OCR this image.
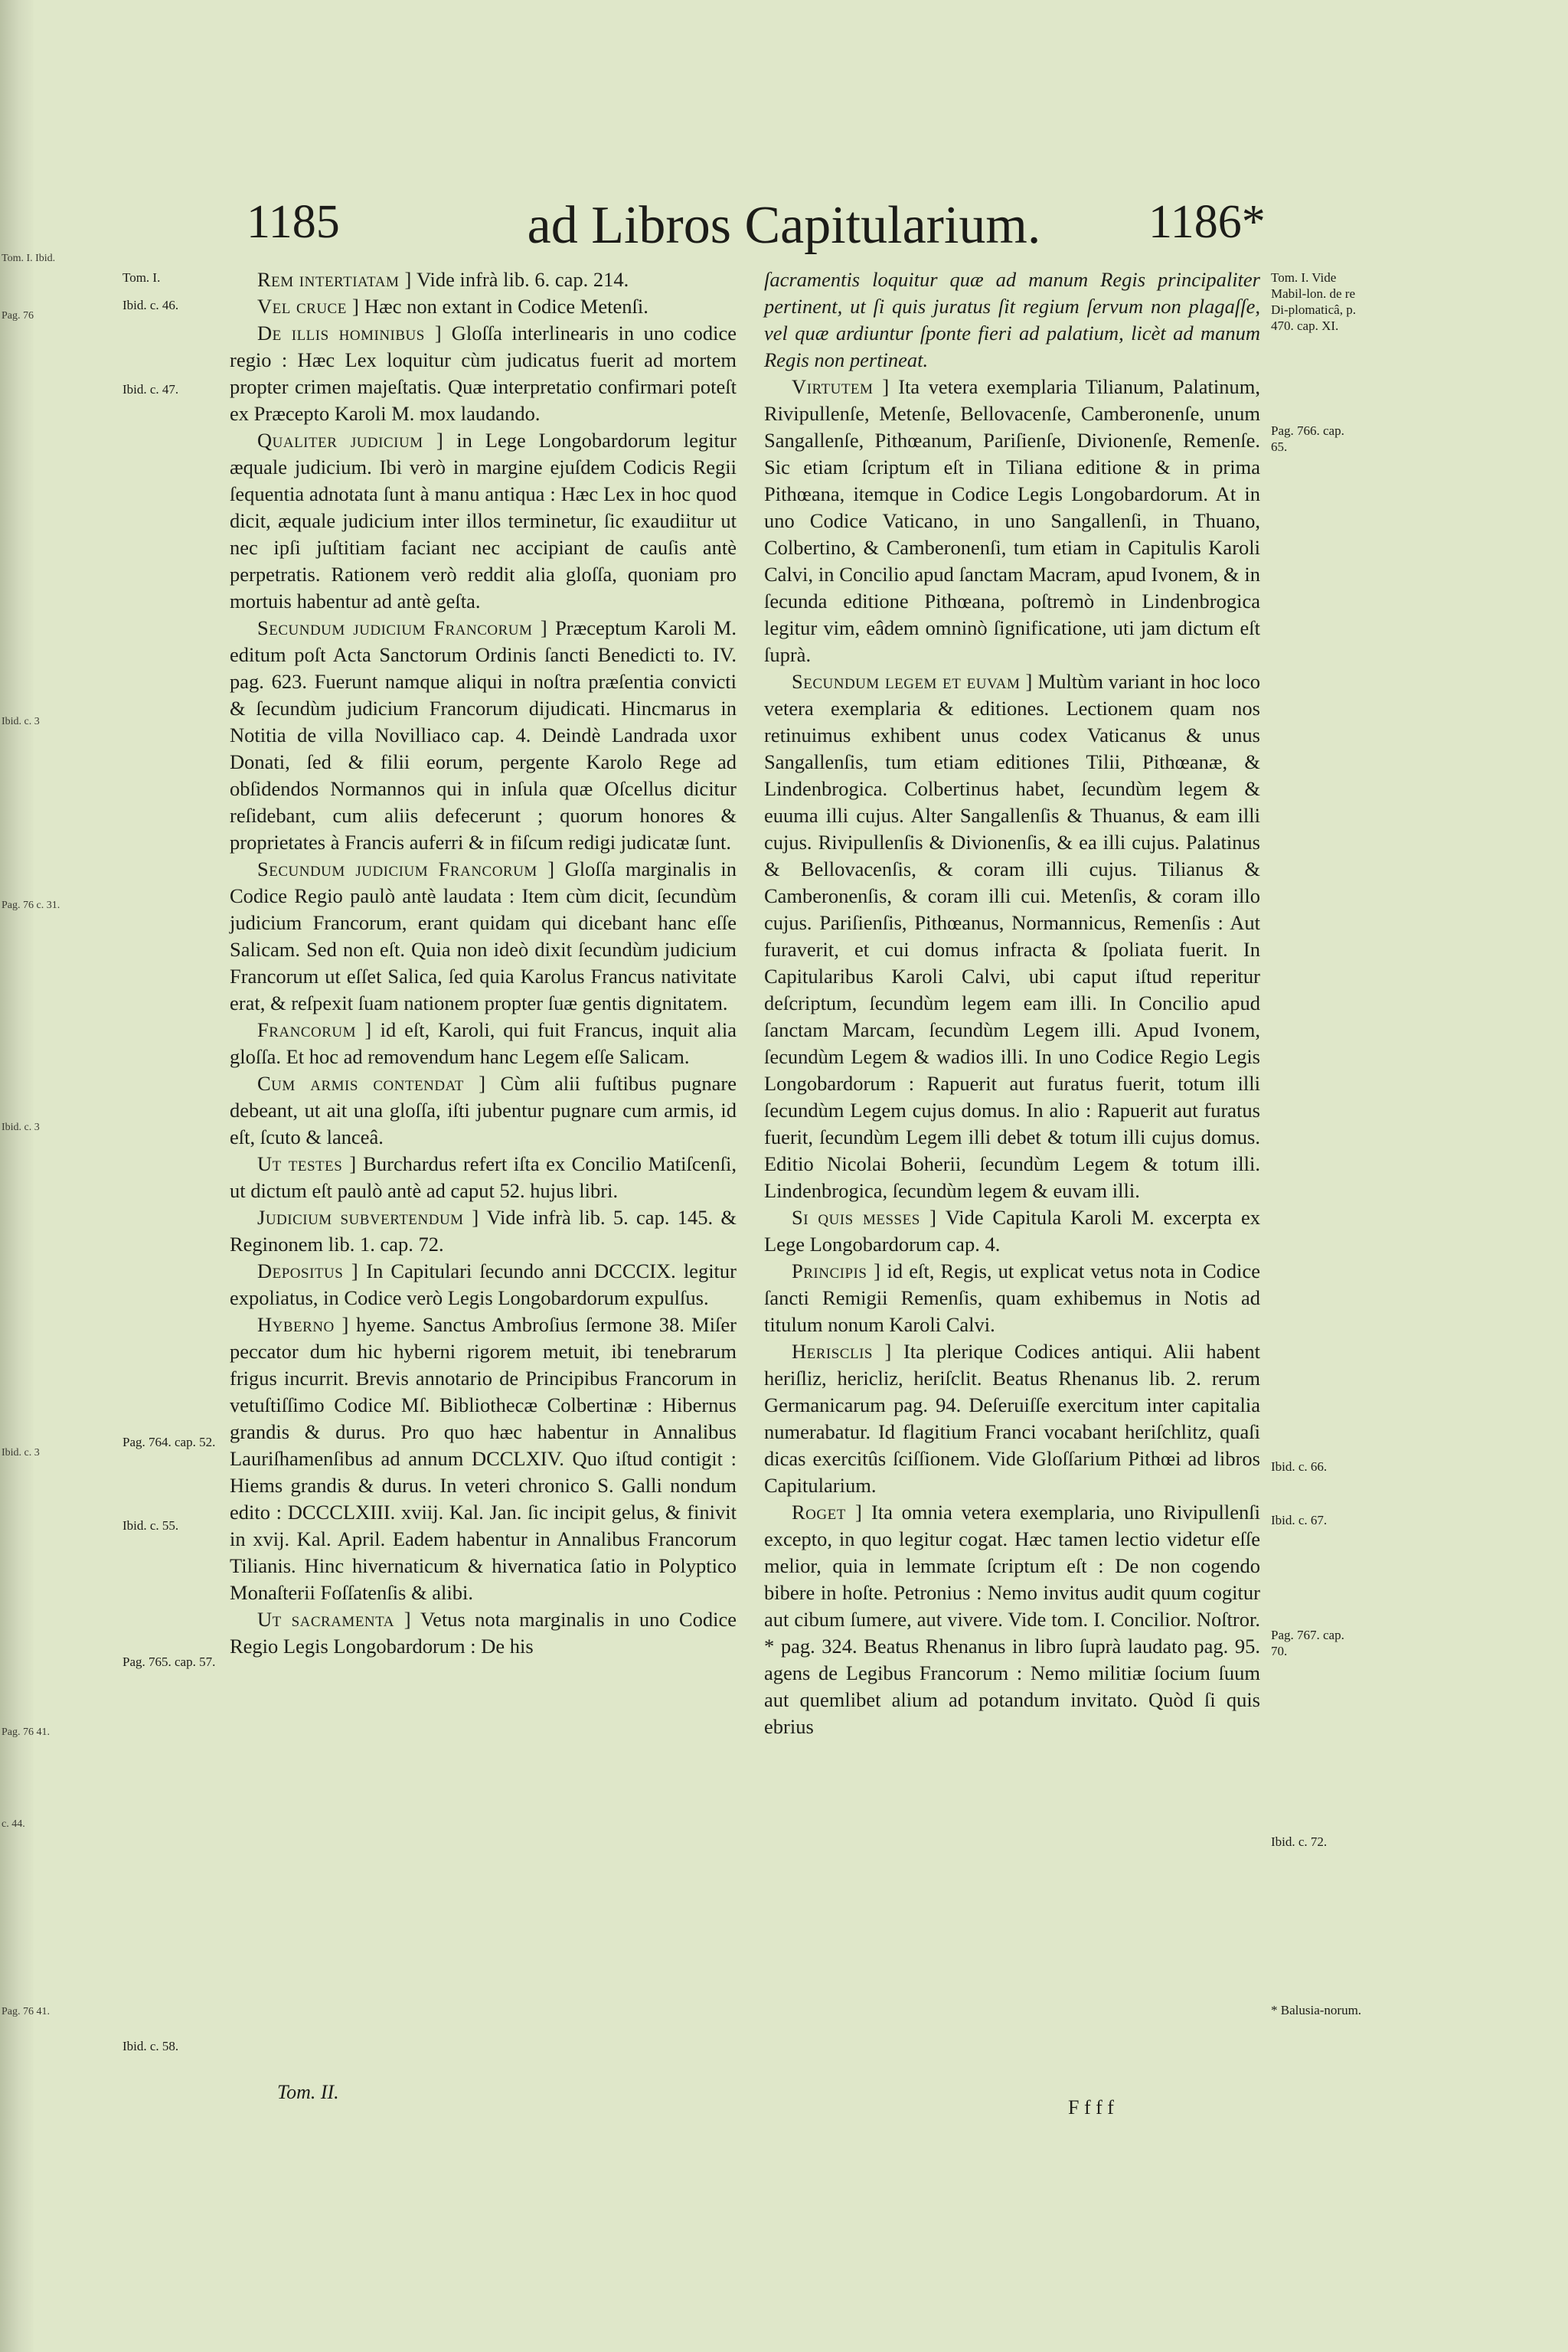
Tom. I. Ibid.
Pag. 76
Ibid. c. 3
Pag. 76 c. 31.
Ibid. c. 3
Ibid. c. 3
Pag. 76 41.
c. 44.
Pag. 76 41.
ad Libros Capitularium.
1185	1186*
Tom. I.
Ibid. c. 46.
Ibid. c. 47.
Pag. 764. cap. 52.
Ibid. c. 55.
Pag. 765. cap. 57.
Ibid. c. 58.
Tom. I. Vide Mabil-lon. de re Di-plomaticâ, p. 470. cap. XI.
Pag. 766. cap. 65.
Ibid. c. 66.
Ibid. c. 67.
Pag. 767. cap. 70.
Ibid. c. 72.
* Balusia-norum.

Rem intertiatam ] Vide infrà lib. 6. cap. 214.

Vel cruce ] Hæc non extant in Codice Metenſi.

De illis hominibus ] Gloſſa interlinearis in uno codice regio : Hæc Lex loquitur cùm judicatus fuerit ad mortem propter crimen majeſtatis. Quæ interpretatio confirmari poteſt ex Præcepto Karoli M. mox laudando.

Qualiter judicium ] in Lege Longobardorum legitur æquale judicium. Ibi verò in margine ejuſdem Codicis Regii ſequentia adnotata ſunt à manu antiqua : Hæc Lex in hoc quod dicit, æquale judicium inter illos terminetur, ſic exaudiitur ut nec ipſi juſtitiam faciant nec accipiant de cauſis antè perpetratis. Rationem verò reddit alia gloſſa, quoniam pro mortuis habentur ad antè geſta.

Secundum judicium Francorum ] Præceptum Karoli M. editum poſt Acta Sanctorum Ordinis ſancti Benedicti to. IV. pag. 623. Fuerunt namque aliqui in noſtra præſentia convicti & ſecundùm judicium Francorum dijudicati. Hincmarus in Notitia de villa Novilliaco cap. 4. Deindè Landrada uxor Donati, ſed & filii eorum, pergente Karolo Rege ad obſidendos Normannos qui in inſula quæ Oſcellus dicitur reſidebant, cum aliis defecerunt ; quorum honores & proprietates à Francis auferri & in fiſcum redigi judicatæ ſunt.

Secundum judicium Francorum ] Gloſſa marginalis in Codice Regio paulò antè laudata : Item cùm dicit, ſecundùm judicium Francorum, erant quidam qui dicebant hanc eſſe Salicam. Sed non eſt. Quia non ideò dixit ſecundùm judicium Francorum ut eſſet Salica, ſed quia Karolus Francus nativitate erat, & reſpexit ſuam nationem propter ſuæ gentis dignitatem.

Francorum ] id eſt, Karoli, qui fuit Francus, inquit alia gloſſa. Et hoc ad removendum hanc Legem eſſe Salicam.

Cum armis contendat ] Cùm alii fuſtibus pugnare debeant, ut ait una gloſſa, iſti jubentur pugnare cum armis, id eſt, ſcuto & lanceâ.

Ut testes ] Burchardus refert iſta ex Concilio Matiſcenſi, ut dictum eſt paulò antè ad caput 52. hujus libri.

Judicium subvertendum ] Vide infrà lib. 5. cap. 145. & Reginonem lib. 1. cap. 72.

Depositus ] In Capitulari ſecundo anni DCCCIX. legitur expoliatus, in Codice verò Legis Longobardorum expulſus.

Hyberno ] hyeme. Sanctus Ambroſius ſermone 38. Miſer peccator dum hic hyberni rigorem metuit, ibi tenebrarum frigus incurrit. Brevis annotario de Principibus Francorum in vetuſtiſſimo Codice Mſ. Bibliothecæ Colbertinæ : Hibernus grandis & durus. Pro quo hæc habentur in Annalibus Lauriſhamenſibus ad annum DCCLXIV. Quo iſtud contigit : Hiems grandis & durus. In veteri chronico S. Galli nondum edito : DCCCLXIII. xviij. Kal. Jan. ſic incipit gelus, & finivit in xvij. Kal. April. Eadem habentur in Annalibus Francorum Tilianis. Hinc hivernaticum & hivernatica ſatio in Polyptico Monaſterii Foſſatenſis & alibi.

Ut sacramenta ] Vetus nota marginalis in uno Codice Regio Legis Longobardorum : De his

Tom. II.

ſacramentis loquitur quæ ad manum Regis principaliter pertinent, ut ſi quis juratus ſit regium ſervum non plagaſſe, vel quæ ardiuntur ſponte fieri ad palatium, licèt ad manum Regis non pertineat.

Virtutem ] Ita vetera exemplaria Tilianum, Palatinum, Rivipullenſe, Metenſe, Bellovacenſe, Camberonenſe, unum Sangallenſe, Pithœanum, Pariſienſe, Divionenſe, Remenſe. Sic etiam ſcriptum eſt in Tiliana editione & in prima Pithœana, itemque in Codice Legis Longobardorum. At in uno Codice Vaticano, in uno Sangallenſi, in Thuano, Colbertino, & Camberonenſi, tum etiam in Capitulis Karoli Calvi, in Concilio apud ſanctam Macram, apud Ivonem, & in ſecunda editione Pithœana, poſtremò in Lindenbrogica legitur vim, eâdem omninò ſignificatione, uti jam dictum eſt ſuprà.

Secundum legem et euvam ] Multùm variant in hoc loco vetera exemplaria & editiones. Lectionem quam nos retinuimus exhibent unus codex Vaticanus & unus Sangallenſis, tum etiam editiones Tilii, Pithœanæ, & Lindenbrogica. Colbertinus habet, ſecundùm legem & euuma illi cujus. Alter Sangallenſis & Thuanus, & eam illi cujus. Rivipullenſis & Divionenſis, & ea illi cujus. Palatinus & Bellovacenſis, & coram illi cujus. Tilianus & Camberonenſis, & coram illi cui. Metenſis, & coram illo cujus. Pariſienſis, Pithœanus, Normannicus, Remenſis : Aut furaverit, et cui domus infracta & ſpoliata fuerit. In Capitularibus Karoli Calvi, ubi caput iſtud reperitur deſcriptum, ſecundùm legem eam illi. In Concilio apud ſanctam Marcam, ſecundùm Legem illi. Apud Ivonem, ſecundùm Legem & wadios illi. In uno Codice Regio Legis Longobardorum : Rapuerit aut furatus fuerit, totum illi ſecundùm Legem cujus domus. In alio : Rapuerit aut furatus fuerit, ſecundùm Legem illi debet & totum illi cujus domus. Editio Nicolai Boherii, ſecundùm Legem & totum illi. Lindenbrogica, ſecundùm legem & euvam illi.

Si quis messes ] Vide Capitula Karoli M. excerpta ex Lege Longobardorum cap. 4.

Principis ] id eſt, Regis, ut explicat vetus nota in Codice ſancti Remigii Remenſis, quam exhibemus in Notis ad titulum nonum Karoli Calvi.

Herisclis ] Ita plerique Codices antiqui. Alii habent heriſliz, hericliz, heriſclit. Beatus Rhenanus lib. 2. rerum Germanicarum pag. 94. Deſeruiſſe exercitum inter capitalia numerabatur. Id flagitium Franci vocabant heriſchlitz, quaſi dicas exercitûs ſciſſionem. Vide Gloſſarium Pithœi ad libros Capitularium.

Roget ] Ita omnia vetera exemplaria, uno Rivipullenſi excepto, in quo legitur cogat. Hæc tamen lectio videtur eſſe melior, quia in lemmate ſcriptum eſt : De non cogendo bibere in hoſte. Petronius : Nemo invitus audit quum cogitur aut cibum ſumere, aut vivere. Vide tom. I. Concilior. Noſtror. * pag. 324. Beatus Rhenanus in libro ſuprà laudato pag. 95. agens de Legibus Francorum : Nemo militiæ ſocium ſuum aut quemlibet alium ad potandum invitato. Quòd ſi quis ebrius

F f f f
